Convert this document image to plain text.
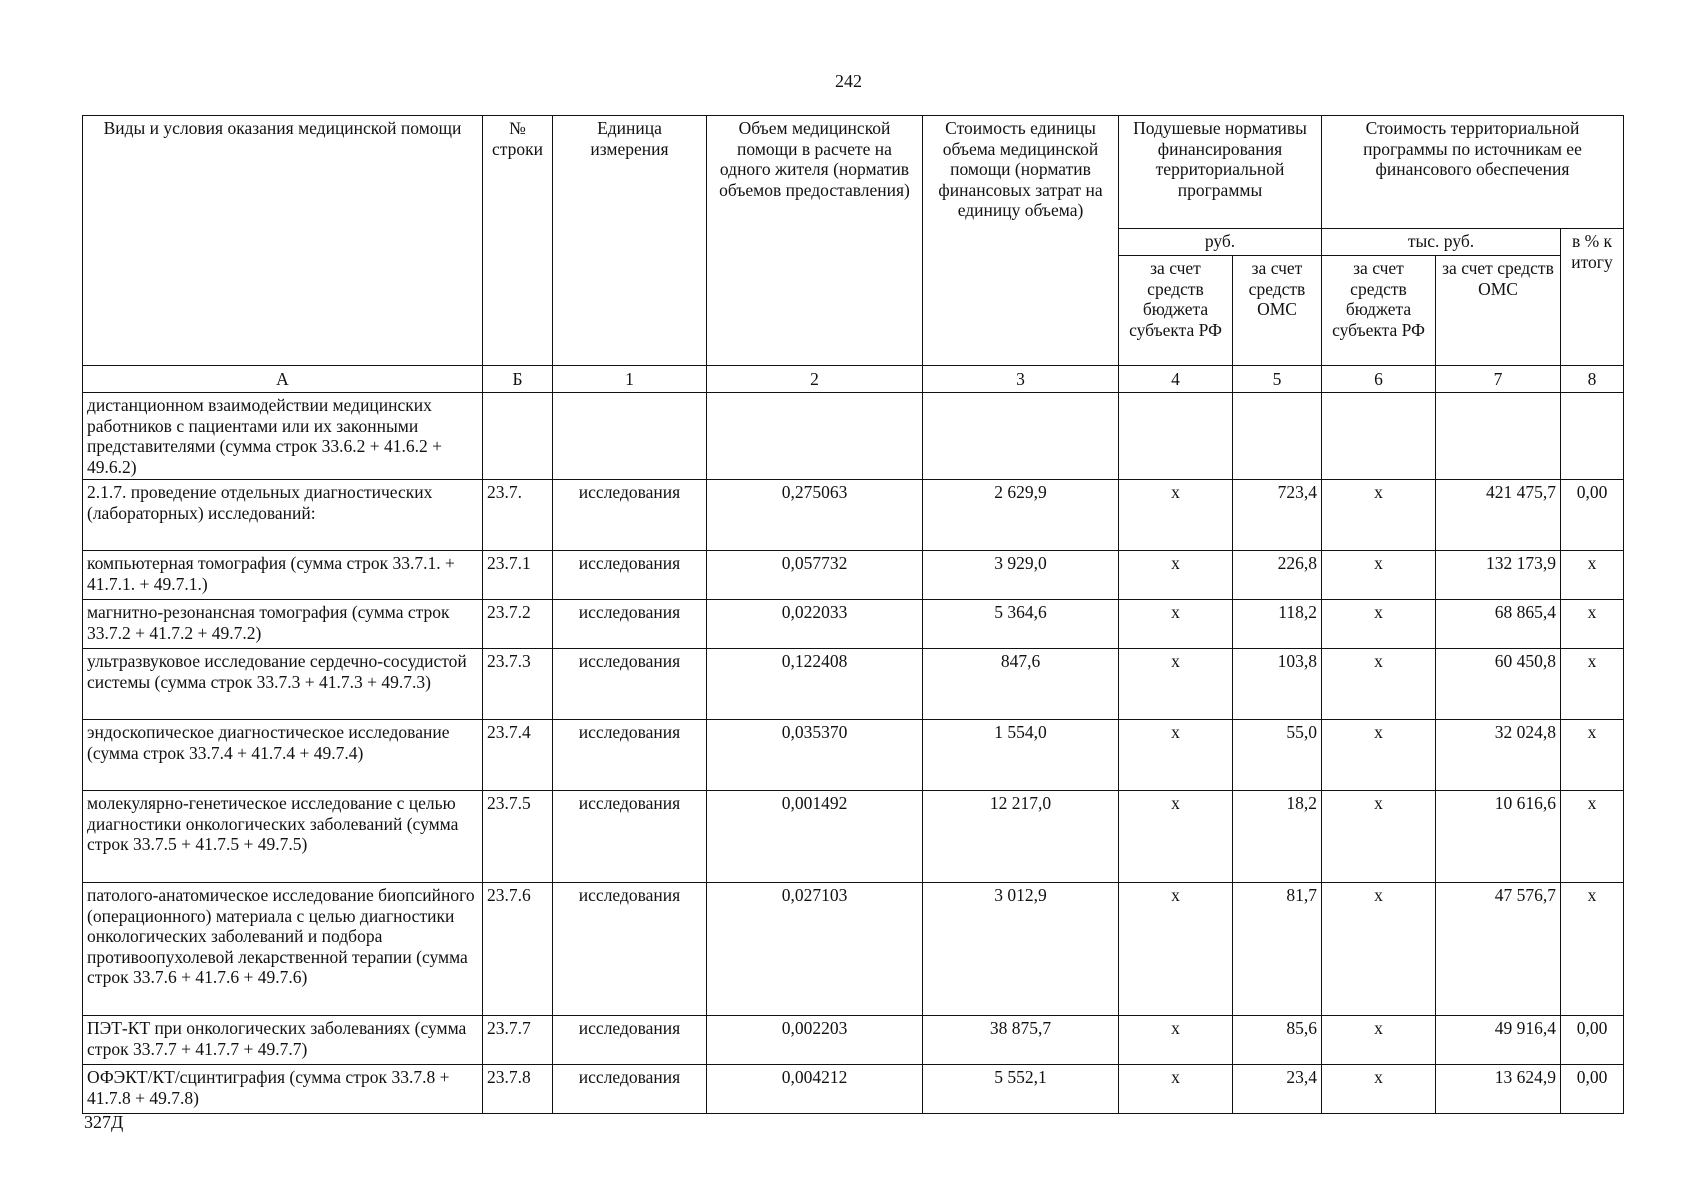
242
Виды и условия оказания медицинской помощи	№ строки	Единица измерения	Объем медицинской помощи в расчете на одного жителя (норматив объемов предоставления)	Стоимость единицы объема медицинской помощи (норматив финансовых затрат на единицу объема)	Подушевые нормативы финансирования территориальной программы		Стоимость территориальной программы по источникам ее финансового обеспечения		
					руб.		тыс. руб.		в % к итогу
					за счет средств бюджета субъекта РФ	за счет средств ОМС	за счет средств бюджета субъекта РФ	за счет средств ОМС	
А	Б	1	2	3	4	5	6	7	8
дистанционном взаимодействии медицинских работников с пациентами или их законными представителями (сумма строк 33.6.2 + 41.6.2 + 49.6.2)									
2.1.7. проведение отдельных диагностических (лабораторных) исследований:	23.7.	исследования	0,275063	2 629,9	х	723,4	х	421 475,7	0,00
компьютерная томография (сумма строк 33.7.1. + 41.7.1. + 49.7.1.)	23.7.1	исследования	0,057732	3 929,0	х	226,8	х	132 173,9	х
магнитно-резонансная томография (сумма строк 33.7.2 + 41.7.2 + 49.7.2)	23.7.2	исследования	0,022033	5 364,6	х	118,2	х	68 865,4	х
ультразвуковое исследование сердечно-сосудистой системы (сумма строк 33.7.3 + 41.7.3 + 49.7.3)	23.7.3	исследования	0,122408	847,6	х	103,8	х	60 450,8	х
эндоскопическое диагностическое исследование (сумма строк 33.7.4 + 41.7.4 + 49.7.4)	23.7.4	исследования	0,035370	1 554,0	х	55,0	х	32 024,8	х
молекулярно-генетическое исследование с целью диагностики онкологических заболеваний (сумма строк 33.7.5 + 41.7.5 + 49.7.5)	23.7.5	исследования	0,001492	12 217,0	х	18,2	х	10 616,6	х
патолого-анатомическое исследование биопсийного (операционного) материала с целью диагностики онкологических заболеваний и подбора противоопухолевой лекарственной терапии (сумма строк 33.7.6 + 41.7.6 + 49.7.6)	23.7.6	исследования	0,027103	3 012,9	х	81,7	х	47 576,7	х
ПЭТ-КТ при онкологических заболеваниях (сумма строк 33.7.7 + 41.7.7 + 49.7.7)	23.7.7	исследования	0,002203	38 875,7	х	85,6	х	49 916,4	0,00
ОФЭКТ/КТ/сцинтиграфия (сумма строк 33.7.8 + 41.7.8 + 49.7.8)	23.7.8	исследования	0,004212	5 552,1	х	23,4	х	13 624,9	0,00
327Д
